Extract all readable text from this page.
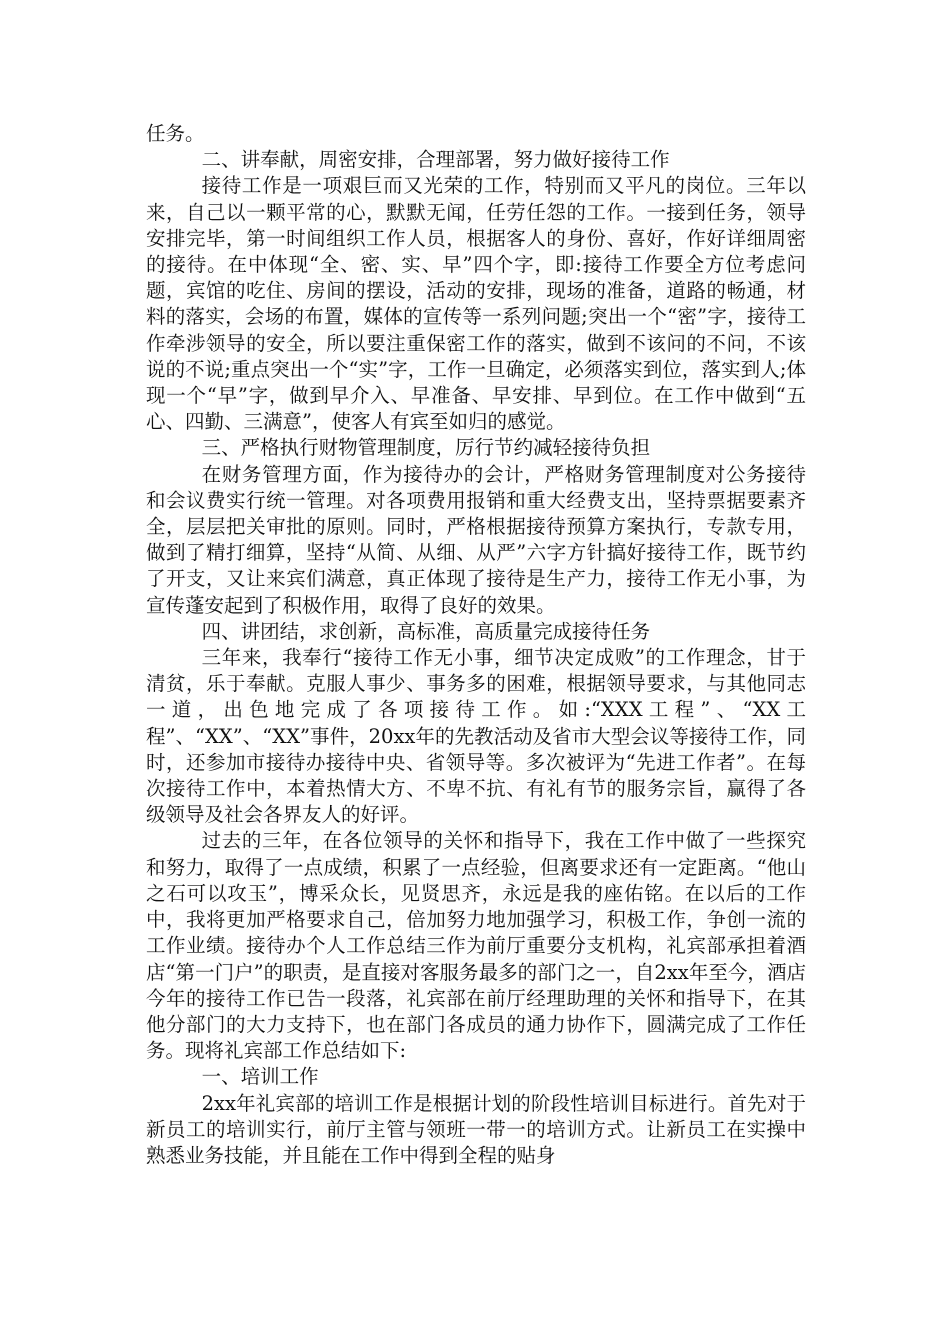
任务。

二、讲奉献，周密安排，合理部署，努力做好接待工作

接待工作是一项艰巨而又光荣的工作，特别而又平凡的岗位。三年以来，自己以一颗平常的心，默默无闻，任劳任怨的工作。一接到任务，领导安排完毕，第一时间组织工作人员，根据客人的身份、喜好，作好详细周密的接待。在中体现“全、密、实、早”四个字，即:接待工作要全方位考虑问题，宾馆的吃住、房间的摆设，活动的安排，现场的准备，道路的畅通，材料的落实，会场的布置，媒体的宣传等一系列问题;突出一个“密”字，接待工作牵涉领导的安全，所以要注重保密工作的落实，做到不该问的不问，不该说的不说;重点突出一个“实”字，工作一旦确定，必须落实到位，落实到人;体现一个“早”字，做到早介入、早准备、早安排、早到位。在工作中做到“五心、四勤、三满意”，使客人有宾至如归的感觉。

三、严格执行财物管理制度，厉行节约减轻接待负担

在财务管理方面，作为接待办的会计，严格财务管理制度对公务接待和会议费实行统一管理。对各项费用报销和重大经费支出，坚持票据要素齐全，层层把关审批的原则。同时，严格根据接待预算方案执行，专款专用，做到了精打细算，坚持“从简、从细、从严”六字方针搞好接待工作，既节约了开支，又让来宾们满意，真正体现了接待是生产力，接待工作无小事，为宣传蓬安起到了积极作用，取得了良好的效果。

四、讲团结，求创新，高标准，高质量完成接待任务

三年来，我奉行“接待工作无小事，细节决定成败”的工作理念，甘于清贫，乐于奉献。克服人事少、事务多的困难，根据领导要求，与其他同志一道，出色地完成了各项接待工作。如:“XXX工程”、“XX工程”、“XX”、“XX”事件，20xx年的先教活动及省市大型会议等接待工作，同时，还参加市接待办接待中央、省领导等。多次被评为“先进工作者”。在每次接待工作中，本着热情大方、不卑不抗、有礼有节的服务宗旨，赢得了各级领导及社会各界友人的好评。

过去的三年，在各位领导的关怀和指导下，我在工作中做了一些探究和努力，取得了一点成绩，积累了一点经验，但离要求还有一定距离。“他山之石可以攻玉”，博采众长，见贤思齐，永远是我的座佑铭。在以后的工作中，我将更加严格要求自己，倍加努力地加强学习，积极工作，争创一流的工作业绩。接待办个人工作总结三作为前厅重要分支机构，礼宾部承担着酒店“第一门户”的职责，是直接对客服务最多的部门之一，自2xx年至今，酒店今年的接待工作已告一段落，礼宾部在前厅经理助理的关怀和指导下，在其他分部门的大力支持下，也在部门各成员的通力协作下，圆满完成了工作任务。现将礼宾部工作总结如下:

一、培训工作

2xx年礼宾部的培训工作是根据计划的阶段性培训目标进行。首先对于新员工的培训实行，前厅主管与领班一带一的培训方式。让新员工在实操中熟悉业务技能，并且能在工作中得到全程的贴身
